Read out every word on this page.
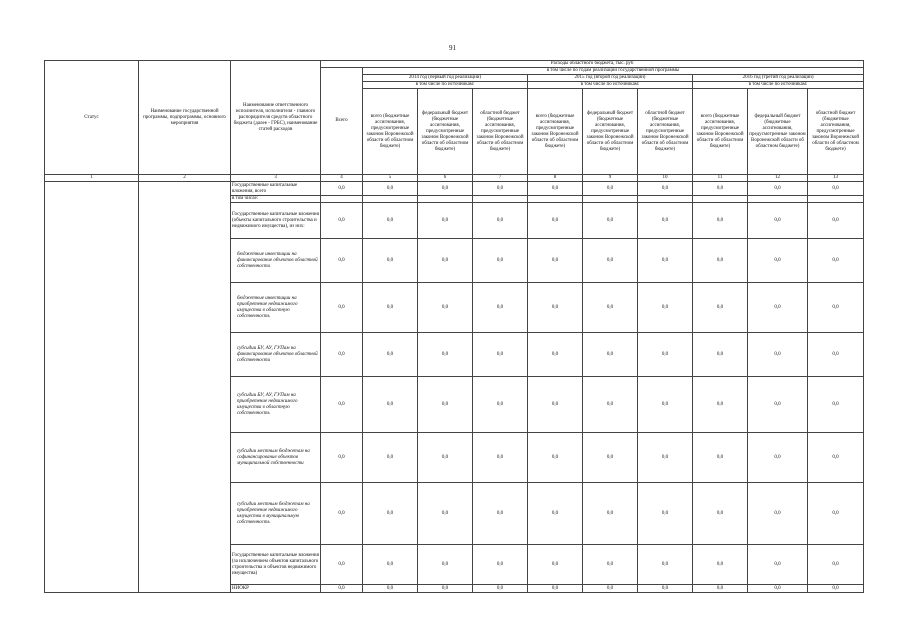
91
Статус	Наименование государственной программы, подпрограммы, основного мероприятия	Наименование ответственного исполнителя, исполнителя - главного распорядителя средств областного бюджета (далее - ГРБС), наименование статей расходов	Расходы областного бюджета, тыс. руб									
			Всего	в том числе по годам реализации государственной программы								
				2014 год (первый год реализации)			2015 год (второй год реализации)			2016 год (третий год реализации)		
				в том числе по источникам:			в том числе по источникам:			в том числе по источникам:		
				всего (бюджетные ассигнования, предусмотренные законом Воронежской области об областном бюджете)	федеральный бюджет (бюджетные ассигнования, предусмотренные законом Воронежской области об областном бюджете)	областной бюджет (бюджетные ассигнования, предусмотренные законом Воронежской области об областном бюджете)	всего (бюджетные ассигнования, предусмотренные законом Воронежской области об областном бюджете)	федеральный бюджет (бюджетные ассигнования, предусмотренные законом Воронежской области об областном бюджете)	областной бюджет (бюджетные ассигнования, предусмотренные законом Воронежской области об областном бюджете)	всего (бюджетные ассигнования, предусмотренные законом Воронежской области об областном бюджете)	федеральный бюджет (бюджетные ассигнования, предусмотренные законом Воронежской области об областном бюджете)	областной бюджет (бюджетные ассигнования, предусмотренные законом Воронежской области об областном бюджете)
1	2	3	4	5	6	7	8	9	10	11	12	13
		Государственные капитальные вложения, всего	0,0	0,0	0,0	0,0	0,0	0,0	0,0	0,0	0,0	0,0
		в том числе:										
		Государственные капитальные вложения (объекты капитального строительства и недвижимого имущества), из них:	0,0	0,0	0,0	0,0	0,0	0,0	0,0	0,0	0,0	0,0
		бюджетные инвестиции на финансирование объектов областной собственности	0,0	0,0	0,0	0,0	0,0	0,0	0,0	0,0	0,0	0,0
		бюджетные инвестиции на приобретение недвижимого имущества в областную собственность	0,0	0,0	0,0	0,0	0,0	0,0	0,0	0,0	0,0	0,0
		субсидии БУ, АУ, ГУПам на финансирование объектов областной собственности	0,0	0,0	0,0	0,0	0,0	0,0	0,0	0,0	0,0	0,0
		субсидии БУ, АУ, ГУПам на приобретение недвижимого имущества в областную собственность	0,0	0,0	0,0	0,0	0,0	0,0	0,0	0,0	0,0	0,0
		субсидии местным бюджетам на софинансирование объектов муниципальной собственности	0,0	0,0	0,0	0,0	0,0	0,0	0,0	0,0	0,0	0,0
		субсидии местным бюджетам на приобретение недвижимого имущества в муниципальную собственность	0,0	0,0	0,0	0,0	0,0	0,0	0,0	0,0	0,0	0,0
		Государственные капитальные вложения (за исключением объектов капитального строительства и объектов недвижимого имущества)	0,0	0,0	0,0	0,0	0,0	0,0	0,0	0,0	0,0	0,0
		НИОКР	0,0	0,0	0,0	0,0	0,0	0,0	0,0	0,0	0,0	0,0
